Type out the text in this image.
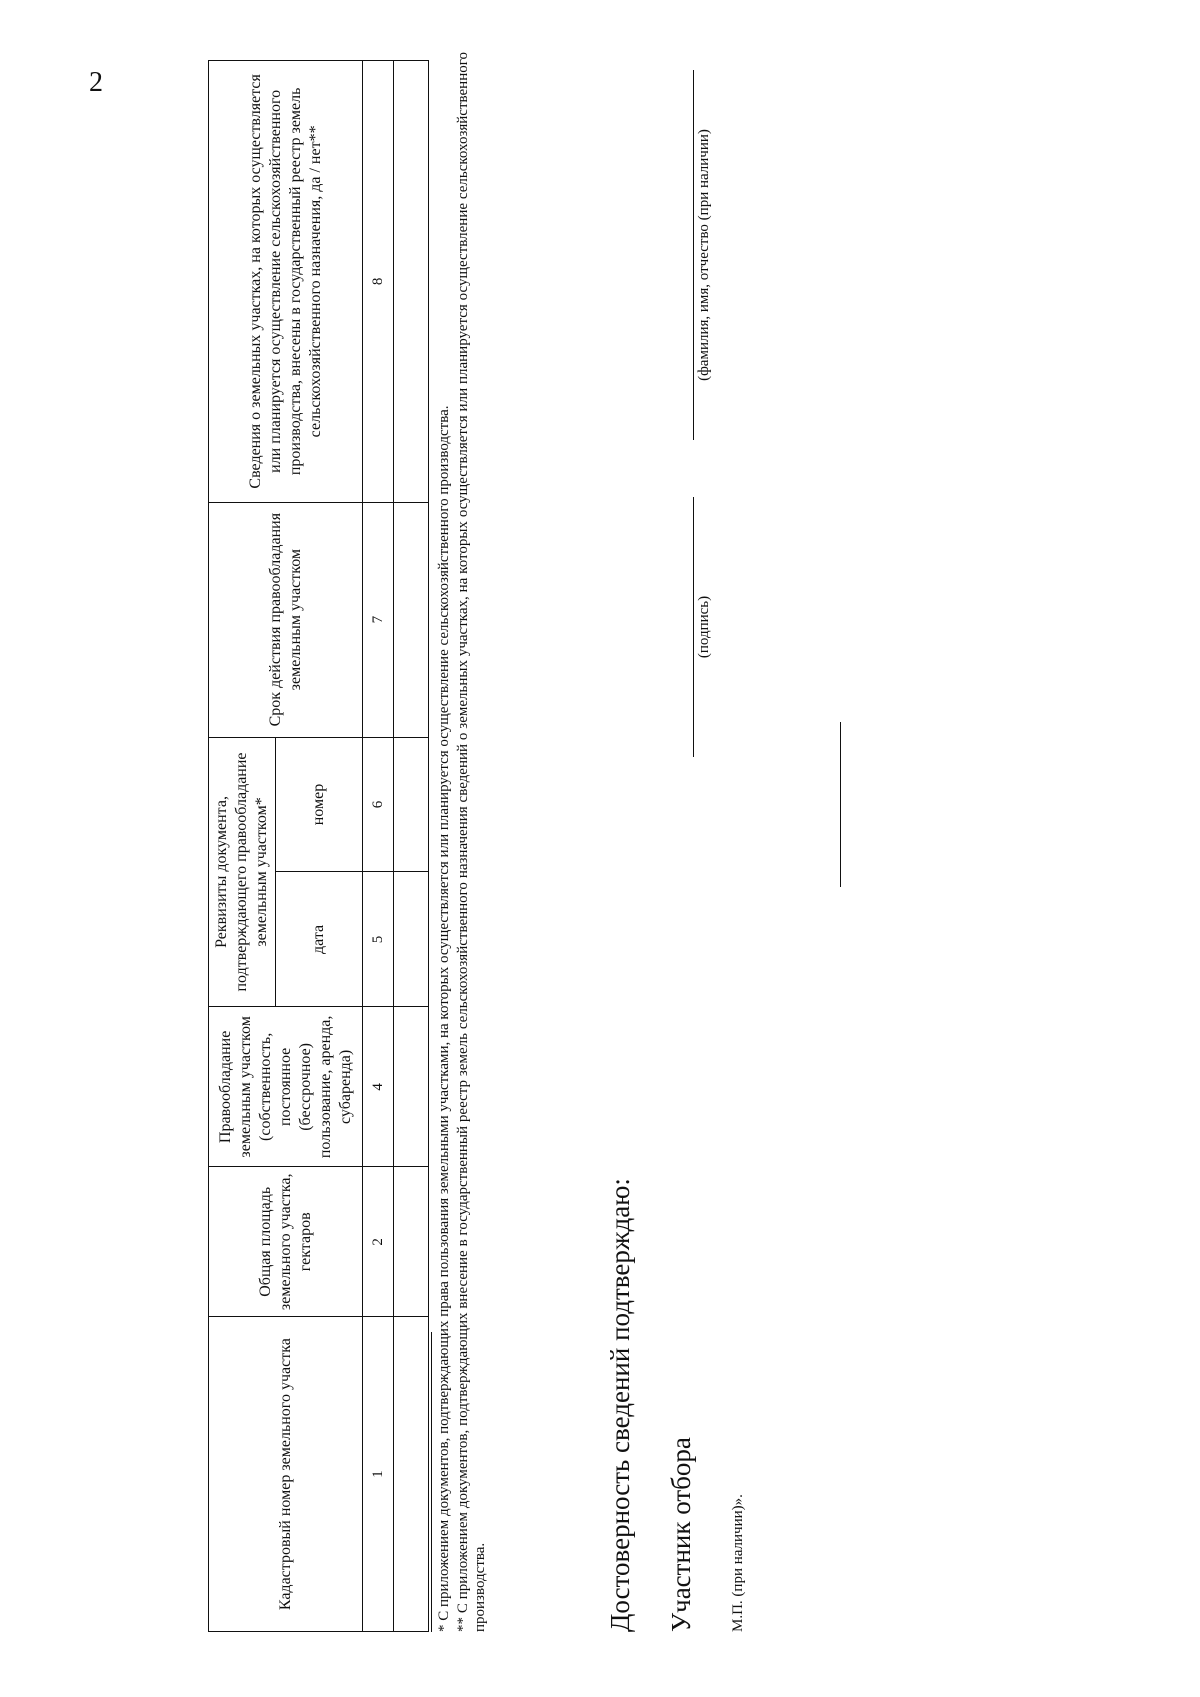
2
Кадастровый номер земельного участка	Общая площадь земельного участка, гектаров	Правообладание земельным участком (собственность, постоянное (бессрочное) пользование, аренда, субаренда)	Реквизиты документа, подтверждающего правообладание земельным участком*		Срок действия правообладания земельным участком	Сведения о земельных участках, на которых осуществляется или планируется осуществление сельскохозяйственного производства, внесены в государственный реестр земель сельскохозяйственного назначения, да / нет**
			дата	номер		
1	2	4	5	6	7	8

* С приложением документов, подтверждающих права пользования земельными участками, на которых осуществляется или планируется осуществление сельскохозяйственного производства. ** С приложением документов, подтверждающих внесение в государственный реестр земель сельскохозяйственного назначения сведений о земельных участках, на которых осуществляется или планируется осуществление сельскохозяйственного производства.	Достоверность сведений подтверждаю: Участник отбора
(подпись)
(фамилия, имя, отчество (при наличии)
М.П. (при наличии)».
